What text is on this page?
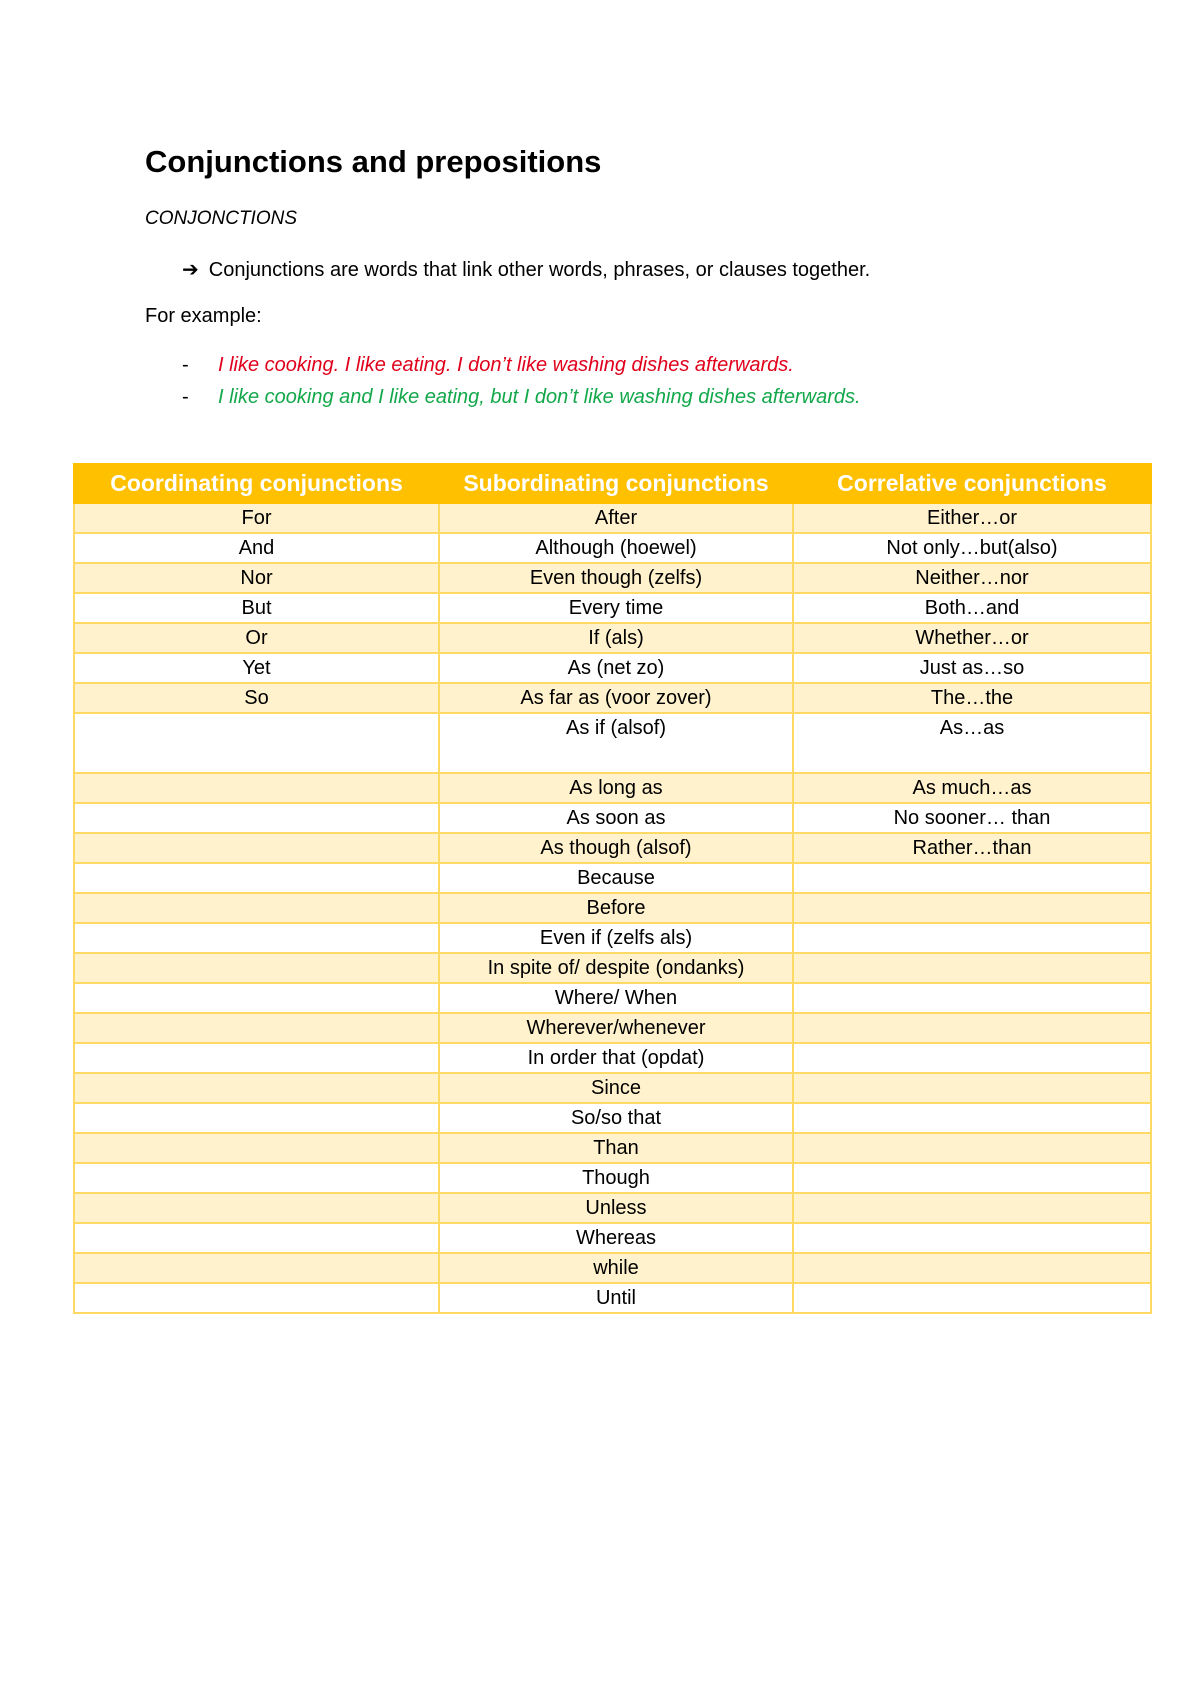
Conjunctions and prepositions
CONJONCTIONS
➔ Conjunctions are words that link other words, phrases, or clauses together.
For example:
- I like cooking. I like eating. I don’t like washing dishes afterwards.
- I like cooking and I like eating, but I don’t like washing dishes afterwards.
Coordinating conjunctions	Subordinating conjunctions	Correlative conjunctions
For	After	Either…or
And	Although (hoewel)	Not only…but(also)
Nor	Even though (zelfs)	Neither…nor
But	Every time	Both…and
Or	If (als)	Whether…or
Yet	As (net zo)	Just as…so
So	As far as (voor zover)	The…the
	As if (alsof)	As…as
	As long as	As much…as
	As soon as	No sooner… than
	As though (alsof)	Rather…than
	Because	
	Before	
	Even if (zelfs als)	
	In spite of/ despite (ondanks)	
	Where/ When	
	Wherever/whenever	
	In order that (opdat)	
	Since	
	So/so that	
	Than	
	Though	
	Unless	
	Whereas	
	while	
	Until	
